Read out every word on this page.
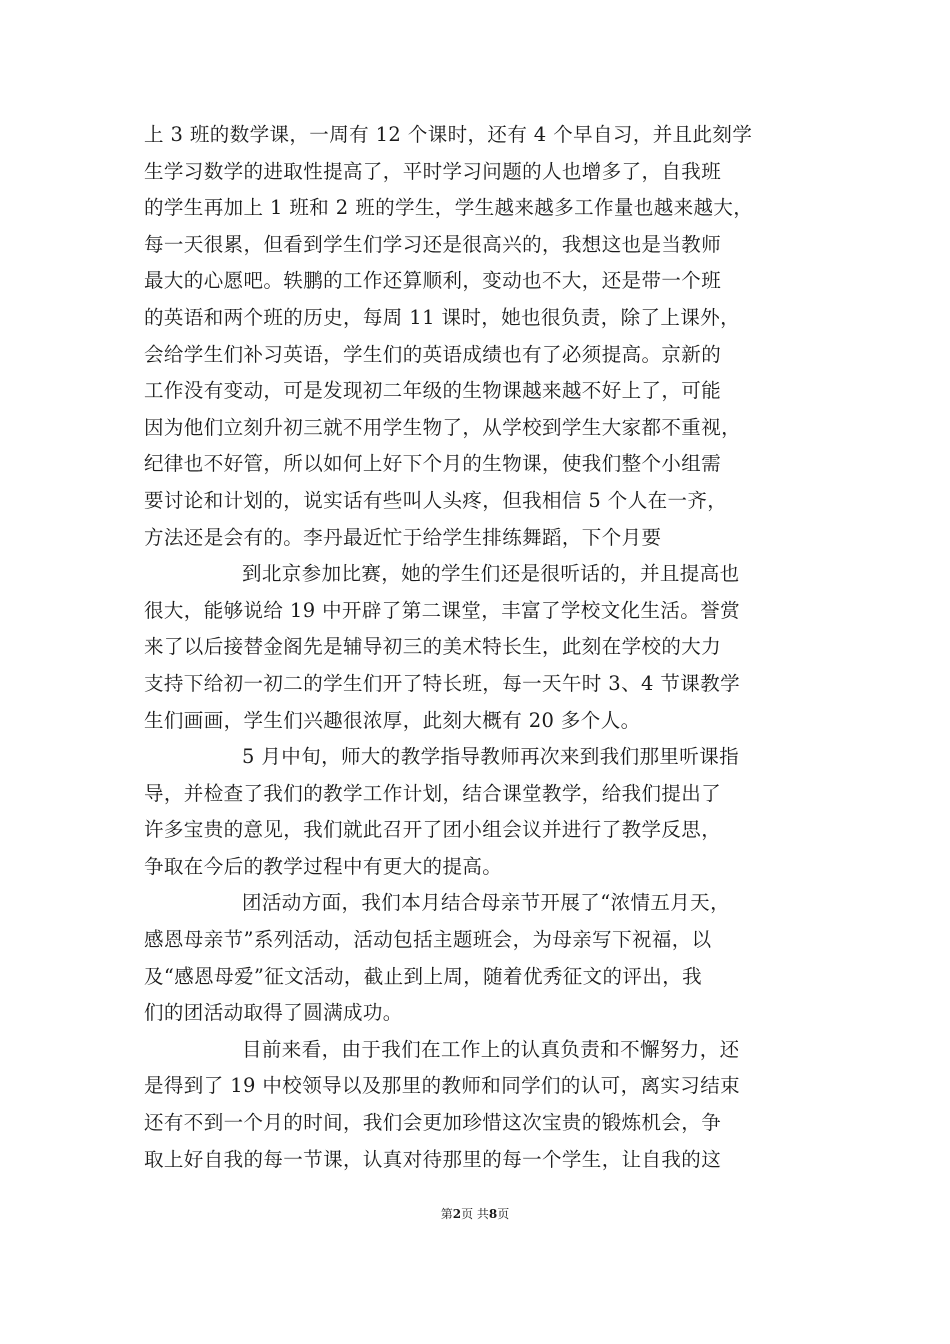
上 3 班的数学课，一周有 12 个课时，还有 4 个早自习，并且此刻学
生学习数学的进取性提高了，平时学习问题的人也增多了，自我班
的学生再加上 1 班和 2 班的学生，学生越来越多工作量也越来越大，
每一天很累，但看到学生们学习还是很高兴的，我想这也是当教师
最大的心愿吧。轶鹏的工作还算顺利，变动也不大，还是带一个班
的英语和两个班的历史，每周 11 课时，她也很负责，除了上课外，
会给学生们补习英语，学生们的英语成绩也有了必须提高。京新的
工作没有变动，可是发现初二年级的生物课越来越不好上了，可能
因为他们立刻升初三就不用学生物了，从学校到学生大家都不重视，
纪律也不好管，所以如何上好下个月的生物课，使我们整个小组需
要讨论和计划的，说实话有些叫人头疼，但我相信 5 个人在一齐，
方法还是会有的。李丹最近忙于给学生排练舞蹈，下个月要
到北京参加比赛，她的学生们还是很听话的，并且提高也
很大，能够说给 19 中开辟了第二课堂，丰富了学校文化生活。誉赏
来了以后接替金阁先是辅导初三的美术特长生，此刻在学校的大力
支持下给初一初二的学生们开了特长班，每一天午时 3、4 节课教学
生们画画，学生们兴趣很浓厚，此刻大概有 20 多个人。
5 月中旬，师大的教学指导教师再次来到我们那里听课指
导，并检查了我们的教学工作计划，结合课堂教学，给我们提出了
许多宝贵的意见，我们就此召开了团小组会议并进行了教学反思，
争取在今后的教学过程中有更大的提高。
团活动方面，我们本月结合母亲节开展了“浓情五月天，
感恩母亲节”系列活动，活动包括主题班会，为母亲写下祝福，以
及“感恩母爱”征文活动，截止到上周，随着优秀征文的评出，我
们的团活动取得了圆满成功。
目前来看，由于我们在工作上的认真负责和不懈努力，还
是得到了 19 中校领导以及那里的教师和同学们的认可，离实习结束
还有不到一个月的时间，我们会更加珍惜这次宝贵的锻炼机会，争
取上好自我的每一节课，认真对待那里的每一个学生，让自我的这
第2页 共8页
